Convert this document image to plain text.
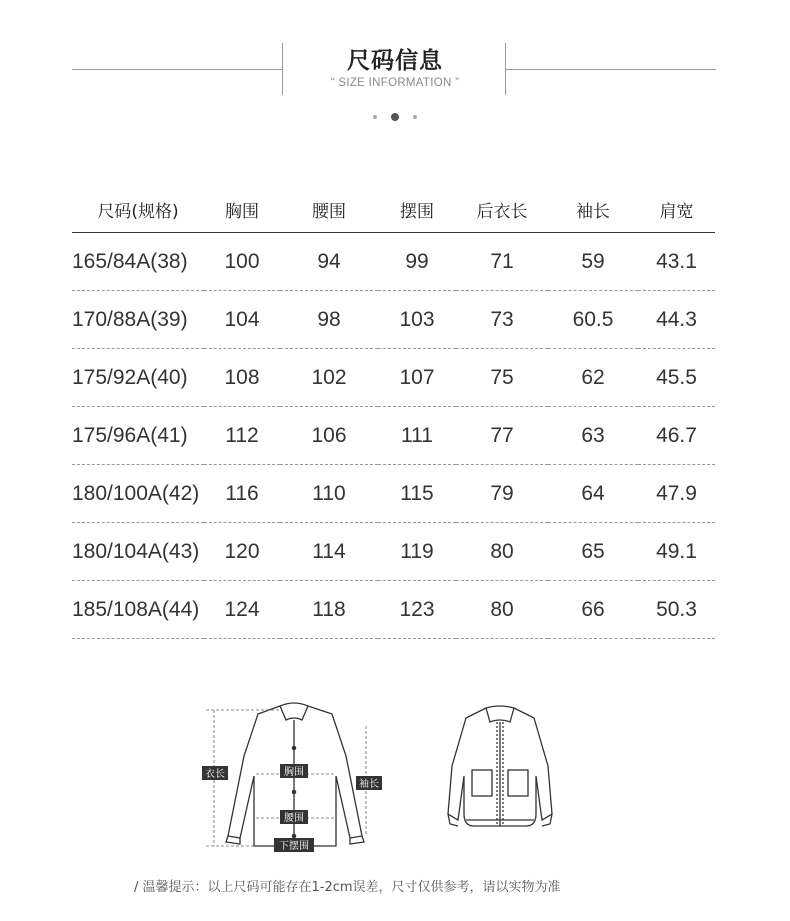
尺码信息
“ SIZE INFORMATION ”
尺码(规格)	胸围	腰围	摆围	后衣长	袖长	肩宽
165/84A(38)	100	94	99	71	59	43.1
170/88A(39)	104	98	103	73	60.5	44.3
175/92A(40)	108	102	107	75	62	45.5
175/96A(41)	112	106	111	77	63	46.7
180/100A(42)	116	110	115	79	64	47.9
180/104A(43)	120	114	119	80	65	49.1
185/108A(44)	124	118	123	80	66	50.3
衣长	胸围
袖长
腰围
下摆围
/ 温馨提示：以上尺码可能存在1-2cm误差，尺寸仅供参考，请以实物为准
